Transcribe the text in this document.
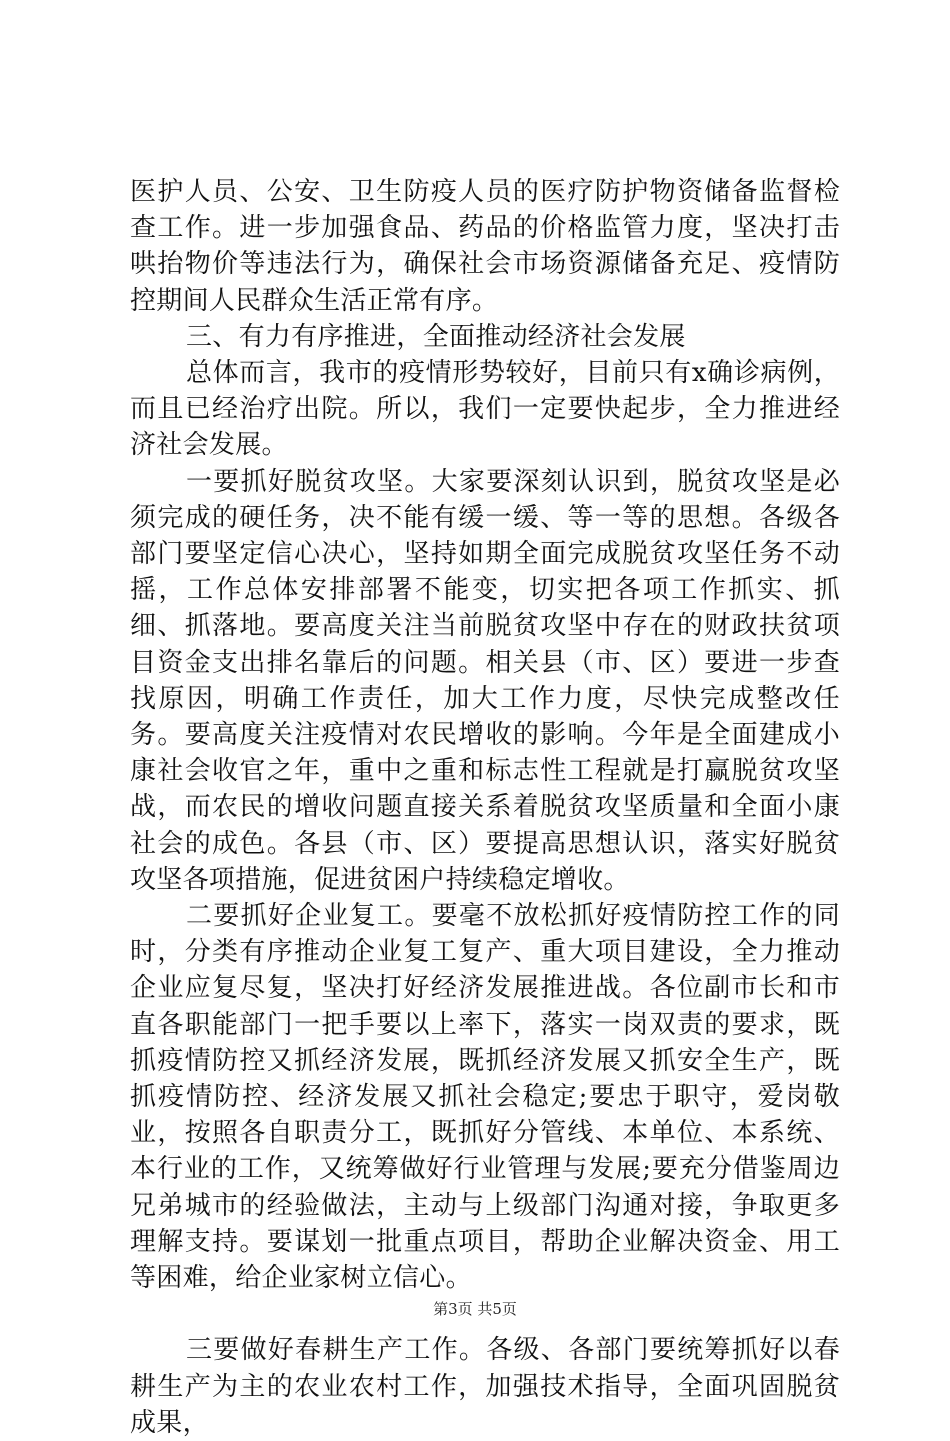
医护人员、公安、卫生防疫人员的医疗防护物资储备监督检查工作。进一步加强食品、药品的价格监管力度，坚决打击哄抬物价等违法行为，确保社会市场资源储备充足、疫情防控期间人民群众生活正常有序。

三、有力有序推进，全面推动经济社会发展

总体而言，我市的疫情形势较好，目前只有x确诊病例，而且已经治疗出院。所以，我们一定要快起步，全力推进经济社会发展。

一要抓好脱贫攻坚。大家要深刻认识到，脱贫攻坚是必须完成的硬任务，决不能有缓一缓、等一等的思想。各级各部门要坚定信心决心，坚持如期全面完成脱贫攻坚任务不动摇，工作总体安排部署不能变，切实把各项工作抓实、抓细、抓落地。要高度关注当前脱贫攻坚中存在的财政扶贫项目资金支出排名靠后的问题。相关县（市、区）要进一步查找原因，明确工作责任，加大工作力度，尽快完成整改任务。要高度关注疫情对农民增收的影响。今年是全面建成小康社会收官之年，重中之重和标志性工程就是打赢脱贫攻坚战，而农民的增收问题直接关系着脱贫攻坚质量和全面小康社会的成色。各县（市、区）要提高思想认识，落实好脱贫攻坚各项措施，促进贫困户持续稳定增收。

二要抓好企业复工。要毫不放松抓好疫情防控工作的同时，分类有序推动企业复工复产、重大项目建设，全力推动企业应复尽复，坚决打好经济发展推进战。各位副市长和市直各职能部门一把手要以上率下，落实一岗双责的要求，既抓疫情防控又抓经济发展，既抓经济发展又抓安全生产，既抓疫情防控、经济发展又抓社会稳定;要忠于职守，爱岗敬业，按照各自职责分工，既抓好分管线、本单位、本系统、本行业的工作，又统筹做好行业管理与发展;要充分借鉴周边兄弟城市的经验做法，主动与上级部门沟通对接，争取更多理解支持。要谋划一批重点项目，帮助企业解决资金、用工等困难，给企业家树立信心。

三要做好春耕生产工作。各级、各部门要统筹抓好以春耕生产为主的农业农村工作，加强技术指导，全面巩固脱贫成果，

第3页 共5页
